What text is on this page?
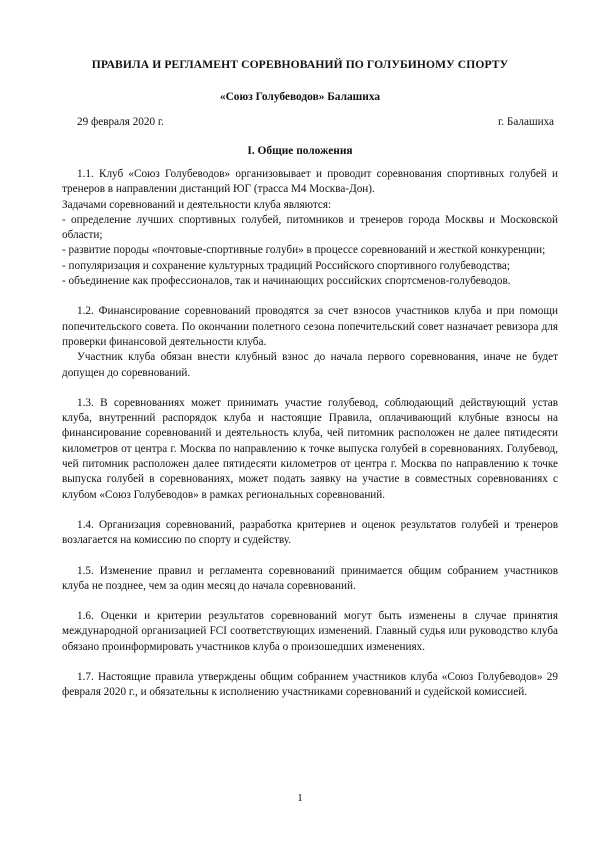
ПРАВИЛА И РЕГЛАМЕНТ СОРЕВНОВАНИЙ ПО ГОЛУБИНОМУ СПОРТУ
«Союз Голубеводов» Балашиха
29 февраля 2020 г.	г. Балашиха
I. Общие положения

1.1. Клуб «Союз Голубеводов» организовывает и проводит соревнования спортивных голубей и тренеров в направлении дистанций ЮГ (трасса М4 Москва-Дон).

Задачами соревнований и деятельности клуба являются:

- определение лучших спортивных голубей, питомников и тренеров города Москвы и Московской области;

- развитие породы «почтовые-спортивные голуби» в процессе соревнований и жесткой конкуренции;

- популяризация и сохранение культурных традиций Российского спортивного голубеводства;

- объединение как профессионалов, так и начинающих российских спортсменов-голубеводов.

1.2. Финансирование соревнований проводятся за счет взносов участников клуба и при помощи попечительского совета. По окончании полетного сезона попечительский совет назначает ревизора для проверки финансовой деятельности клуба.

Участник клуба обязан внести клубный взнос до начала первого соревнования, иначе не будет допущен до соревнований.

1.3. В соревнованиях может принимать участие голубевод, соблюдающий действующий устав клуба, внутренний распорядок клуба и настоящие Правила, оплачивающий клубные взносы на финансирование соревнований и деятельность клуба, чей питомник расположен не далее пятидесяти километров от центра г. Москва по направлению к точке выпуска голубей в соревнованиях. Голубевод, чей питомник расположен далее пятидесяти километров от центра г. Москва по направлению к точке выпуска голубей в соревнованиях, может подать заявку на участие в совместных соревнованиях с клубом «Союз Голубеводов» в рамках региональных соревнований.

1.4. Организация соревнований, разработка критериев и оценок результатов голубей и тренеров возлагается на комиссию по спорту и судейству.

1.5. Изменение правил и регламента соревнований принимается общим собранием участников клуба не позднее, чем за один месяц до начала соревнований.

1.6. Оценки и критерии результатов соревнований могут быть изменены в случае принятия международной организацией FCI соответствующих изменений. Главный судья или руководство клуба обязано проинформировать участников клуба о произошедших изменениях.

1.7. Настоящие правила утверждены общим собранием участников клуба «Союз Голубеводов» 29 февраля 2020 г., и обязательны к исполнению участниками соревнований и судейской комиссией.

1
